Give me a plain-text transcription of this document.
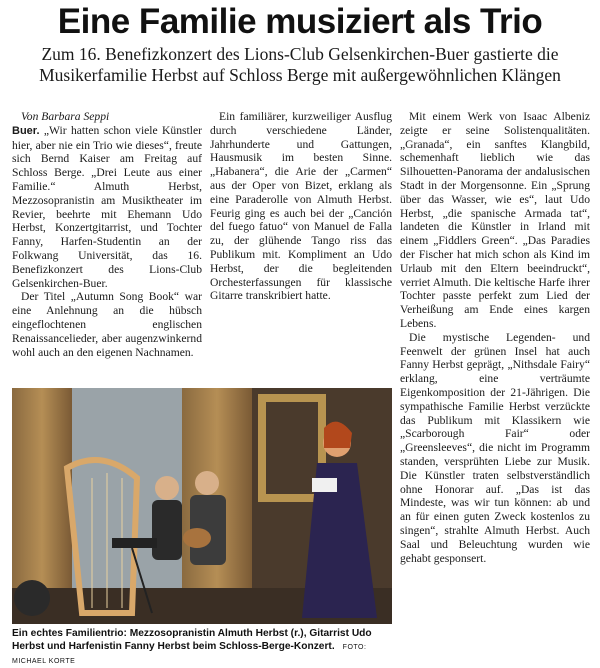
Eine Familie musiziert als Trio
Zum 16. Benefizkonzert des Lions-Club Gelsenkirchen-Buer gastierte die Musikerfamilie Herbst auf Schloss Berge mit außergewöhnlichen Klängen

Von Barbara Seppi

Buer. „Wir hatten schon viele Künstler hier, aber nie ein Trio wie dieses“, freute sich Bernd Kaiser am Freitag auf Schloss Berge. „Drei Leute aus einer Familie.“ Almuth Herbst, Mezzosopranistin am Musiktheater im Revier, beehrte mit Ehemann Udo Herbst, Konzertgitarrist, und Tochter Fanny, Harfen-Studentin an der Folkwang Universität, das 16. Benefizkonzert des Lions-Club Gelsenkirchen-Buer.

Der Titel „Autumn Song Book“ war eine Anlehnung an die hübsch eingeflochtenen englischen Renaissancelieder, aber augenzwinkernd wohl auch an den eigenen Nachnamen.

Ein familiärer, kurzweiliger Ausflug durch verschiedene Länder, Jahrhunderte und Gattungen, Hausmusik im besten Sinne. „Habanera“, die Arie der „Carmen“ aus der Oper von Bizet, erklang als eine Paraderolle von Almuth Herbst. Feurig ging es auch bei der „Canción del fuego fatuo“ von Manuel de Falla zu, der glühende Tango riss das Publikum mit. Kompliment an Udo Herbst, der die begleitenden Orchesterfassungen für klassische Gitarre transkribiert hatte.

Mit einem Werk von Isaac Albeniz zeigte er seine Solistenqualitäten. „Granada“, ein sanftes Klangbild, schemenhaft lieblich wie das Silhouetten-Panorama der andalusischen Stadt in der Morgensonne. Ein „Sprung über das Wasser, wie es“, laut Udo Herbst, „die spanische Armada tat“, landeten die Künstler in Irland mit einem „Fiddlers Green“. „Das Paradies der Fischer hat mich schon als Kind im Urlaub mit den Eltern beeindruckt“, verriet Almuth. Die keltische Harfe ihrer Tochter passte perfekt zum Lied der Verheißung am Ende eines kargen Lebens.

Die mystische Legenden- und Feenwelt der grünen Insel hat auch Fanny Herbst geprägt, „Nithsdale Fairy“ erklang, eine verträumte Eigenkomposition der 21-Jährigen. Die sympathische Familie Herbst verzückte das Publikum mit Klassikern wie „Scarborough Fair“ oder „Greensleeves“, die nicht im Programm standen, versprühten Liebe zur Musik. Die Künstler traten selbstverständlich ohne Honorar auf. „Das ist das Mindeste, was wir tun können: ab und an für einen guten Zweck kostenlos zu singen“, strahlte Almuth Herbst. Auch Saal und Beleuchtung wurden wie gehabt gesponsert.

Ein echtes Familientrio: Mezzosopranistin Almuth Herbst (r.), Gitarrist Udo Herbst und Harfenistin Fanny Herbst beim Schloss-Berge-Konzert. FOTO: MICHAEL KORTE
